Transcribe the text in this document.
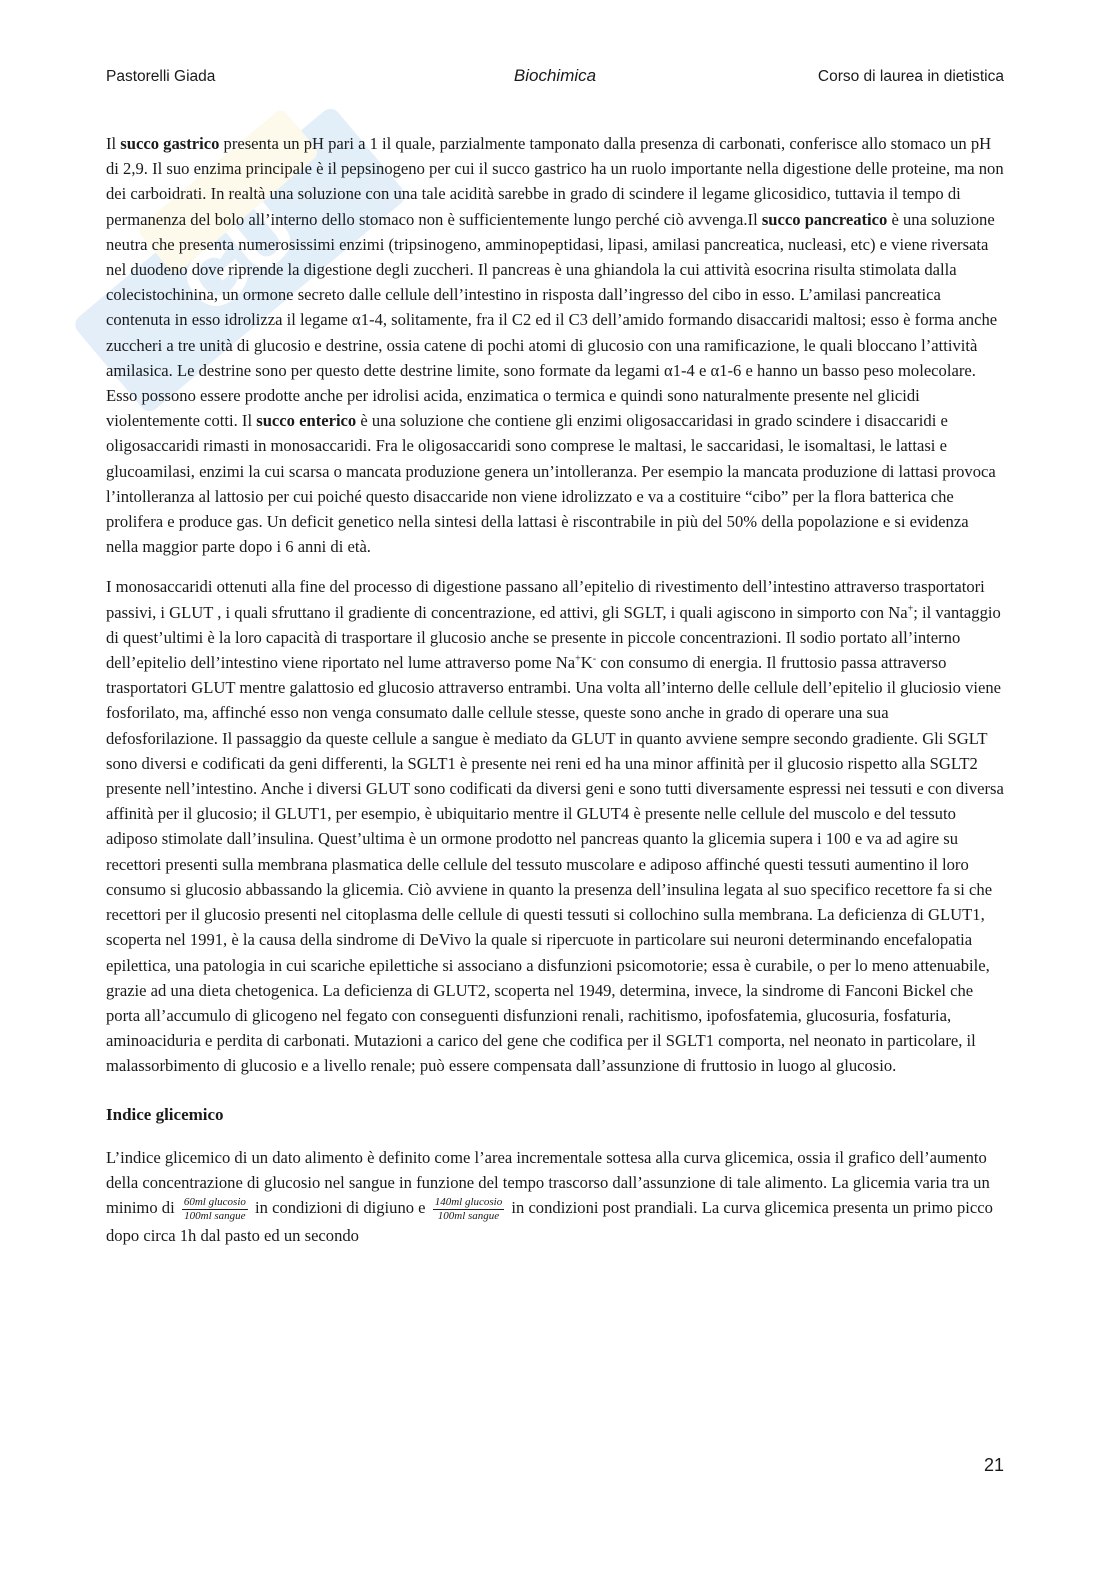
GU
Pastorelli Giada	Biochimica	Corso di laurea in dietistica

Il succo gastrico presenta un pH pari a 1 il quale, parzialmente tamponato dalla presenza di carbonati, conferisce allo stomaco un pH di 2,9. Il suo enzima principale è il pepsinogeno per cui il succo gastrico ha un ruolo importante nella digestione delle proteine, ma non dei carboidrati. In realtà una soluzione con una tale acidità sarebbe in grado di scindere il legame glicosidico, tuttavia il tempo di permanenza del bolo all’interno dello stomaco non è sufficientemente lungo perché ciò avvenga.Il succo pancreatico è una soluzione neutra che presenta numerosissimi enzimi (tripsinogeno, amminopeptidasi, lipasi, amilasi pancreatica, nucleasi, etc) e viene riversata nel duodeno dove riprende la digestione degli zuccheri. Il pancreas è una ghiandola la cui attività esocrina risulta stimolata dalla colecistochinina, un ormone secreto dalle cellule dell’intestino in risposta dall’ingresso del cibo in esso. L’amilasi pancreatica contenuta in esso idrolizza il legame α1-4, solitamente, fra il C2 ed il C3 dell’amido formando disaccaridi maltosi; esso è forma anche zuccheri a tre unità di glucosio e destrine, ossia catene di pochi atomi di glucosio con una ramificazione, le quali bloccano l’attività amilasica. Le destrine sono per questo dette destrine limite, sono formate da legami α1-4 e α1-6 e hanno un basso peso molecolare. Esso possono essere prodotte anche per idrolisi acida, enzimatica o termica e quindi sono naturalmente presente nel glicidi violentemente cotti. Il succo enterico è una soluzione che contiene gli enzimi oligosaccaridasi in grado scindere i disaccaridi e oligosaccaridi rimasti in monosaccaridi. Fra le oligosaccaridi sono comprese le maltasi, le saccaridasi, le isomaltasi, le lattasi e glucoamilasi, enzimi la cui scarsa o mancata produzione genera un’intolleranza. Per esempio la mancata produzione di lattasi provoca l’intolleranza al lattosio per cui poiché questo disaccaride non viene idrolizzato e va a costituire “cibo” per la flora batterica che prolifera e produce gas. Un deficit genetico nella sintesi della lattasi è riscontrabile in più del 50% della popolazione e si evidenza nella maggior parte dopo i 6 anni di età.

I monosaccaridi ottenuti alla fine del processo di digestione passano all’epitelio di rivestimento dell’intestino attraverso trasportatori passivi, i GLUT , i quali sfruttano il gradiente di concentrazione, ed attivi, gli SGLT, i quali agiscono in simporto con Na+; il vantaggio di quest’ultimi è la loro capacità di trasportare il glucosio anche se presente in piccole concentrazioni. Il sodio portato all’interno dell’epitelio dell’intestino viene riportato nel lume attraverso pome Na+K- con consumo di energia. Il fruttosio passa attraverso trasportatori GLUT mentre galattosio ed glucosio attraverso entrambi. Una volta all’interno delle cellule dell’epitelio il gluciosio viene fosforilato, ma, affinché esso non venga consumato dalle cellule stesse, queste sono anche in grado di operare una sua defosforilazione. Il passaggio da queste cellule a sangue è mediato da GLUT in quanto avviene sempre secondo gradiente. Gli SGLT sono diversi e codificati da geni differenti, la SGLT1 è presente nei reni ed ha una minor affinità per il glucosio rispetto alla SGLT2 presente nell’intestino. Anche i diversi GLUT sono codificati da diversi geni e sono tutti diversamente espressi nei tessuti e con diversa affinità per il glucosio; il GLUT1, per esempio, è ubiquitario mentre il GLUT4 è presente nelle cellule del muscolo e del tessuto adiposo stimolate dall’insulina. Quest’ultima è un ormone prodotto nel pancreas quanto la glicemia supera i 100 e va ad agire su recettori presenti sulla membrana plasmatica delle cellule del tessuto muscolare e adiposo affinché questi tessuti aumentino il loro consumo si glucosio abbassando la glicemia. Ciò avviene in quanto la presenza dell’insulina legata al suo specifico recettore fa si che recettori per il glucosio presenti nel citoplasma delle cellule di questi tessuti si collochino sulla membrana. La deficienza di GLUT1, scoperta nel 1991, è la causa della sindrome di DeVivo la quale si ripercuote in particolare sui neuroni determinando encefalopatia epilettica, una patologia in cui scariche epilettiche si associano a disfunzioni psicomotorie; essa è curabile, o per lo meno attenuabile, grazie ad una dieta chetogenica. La deficienza di GLUT2, scoperta nel 1949, determina, invece, la sindrome di Fanconi Bickel che porta all’accumulo di glicogeno nel fegato con conseguenti disfunzioni renali, rachitismo, ipofosfatemia, glucosuria, fosfaturia, aminoaciduria e perdita di carbonati. Mutazioni a carico del gene che codifica per il SGLT1 comporta, nel neonato in particolare, il malassorbimento di glucosio e a livello renale; può essere compensata dall’assunzione di fruttosio in luogo al glucosio.

Indice glicemico

L’indice glicemico di un dato alimento è definito come l’area incrementale sottesa alla curva glicemica, ossia il grafico dell’aumento della concentrazione di glucosio nel sangue in funzione del tempo trascorso dall’assunzione di tale alimento. La glicemia varia tra un minimo di $\frac{\text{60ml glucosio}}{\text{100ml sangue}}$ in condizioni di digiuno e $\frac{\text{140ml glucosio}}{\text{100ml sangue}}$ in condizioni post prandiali. La curva glicemica presenta un primo picco dopo circa 1h dal pasto ed un secondo

21
